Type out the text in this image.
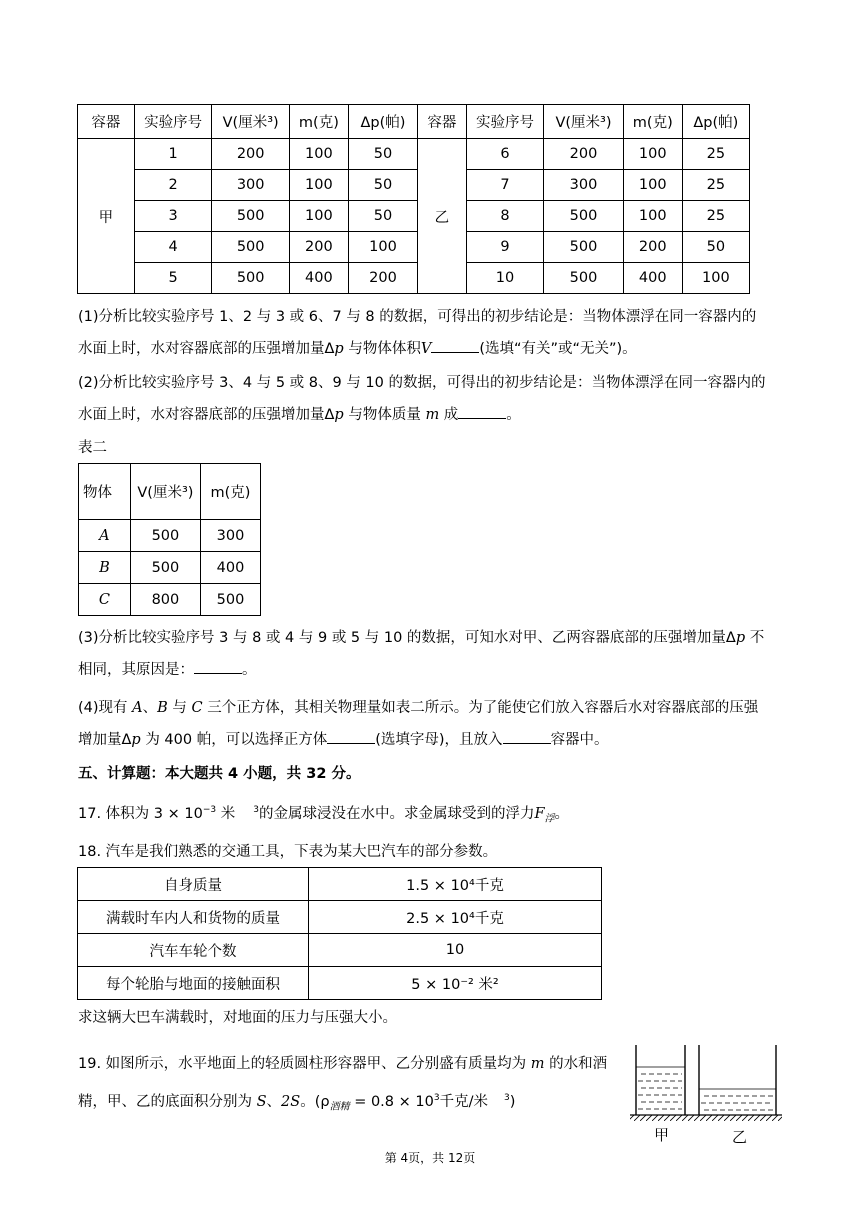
容器	实验序号	V(厘米³)	m(克)	Δp(帕)	容器	实验序号	V(厘米³)	m(克)	Δp(帕)
甲	1	200	100	50	乙	6	200	100	25
	2	300	100	50		7	300	100	25
	3	500	100	50		8	500	100	25
	4	500	200	100		9	500	200	50
	5	500	400	200		10	500	400	100
(1)分析比较实验序号 1、2 与 3 或 6、7 与 8 的数据，可得出的初步结论是：当物体漂浮在同一容器内的
水面上时，水对容器底部的压强增加量Δp 与物体体积V	(选填“有关”或“无关”)。
(2)分析比较实验序号 3、4 与 5 或 8、9 与 10 的数据，可得出的初步结论是：当物体漂浮在同一容器内的
水面上时，水对容器底部的压强增加量Δp 与物体质量 m 成	。
表二
物体	V(厘米³)	m(克)
A	500	300
B	500	400
C	800	500
(3)分析比较实验序号 3 与 8 或 4 与 9 或 5 与 10 的数据，可知水对甲、乙两容器底部的压强增加量Δp 不
相同，其原因是：	。
(4)现有 A、B 与 C 三个正方体，其相关物理量如表二所示。为了能使它们放入容器后水对容器底部的压强
增加量Δp 为 400 帕，可以选择正方体	(选填字母)，且放入	容器中。
五、计算题：本大题共 4 小题，共 32 分。
17. 体积为 $3 \times 10^{-3}$ 米 $^3$的金属球浸没在水中。求金属球受到的浮力$F_浮$。
18. 汽车是我们熟悉的交通工具，下表为某大巴汽车的部分参数。
自身质量	1.5 × 10⁴千克
满载时车内人和货物的质量	2.5 × 10⁴千克
汽车车轮个数	10
每个轮胎与地面的接触面积	5 × 10⁻² 米²
求这辆大巴车满载时，对地面的压力与压强大小。
19. 如图所示，水平地面上的轻质圆柱形容器甲、乙分别盛有质量均为 m 的水和酒
精，甲、乙的底面积分别为 S、2S。($\rho_{酒精} = 0.8 \times 10^3$千克/米 $^3$)
甲	乙
第 4页，共 12页
